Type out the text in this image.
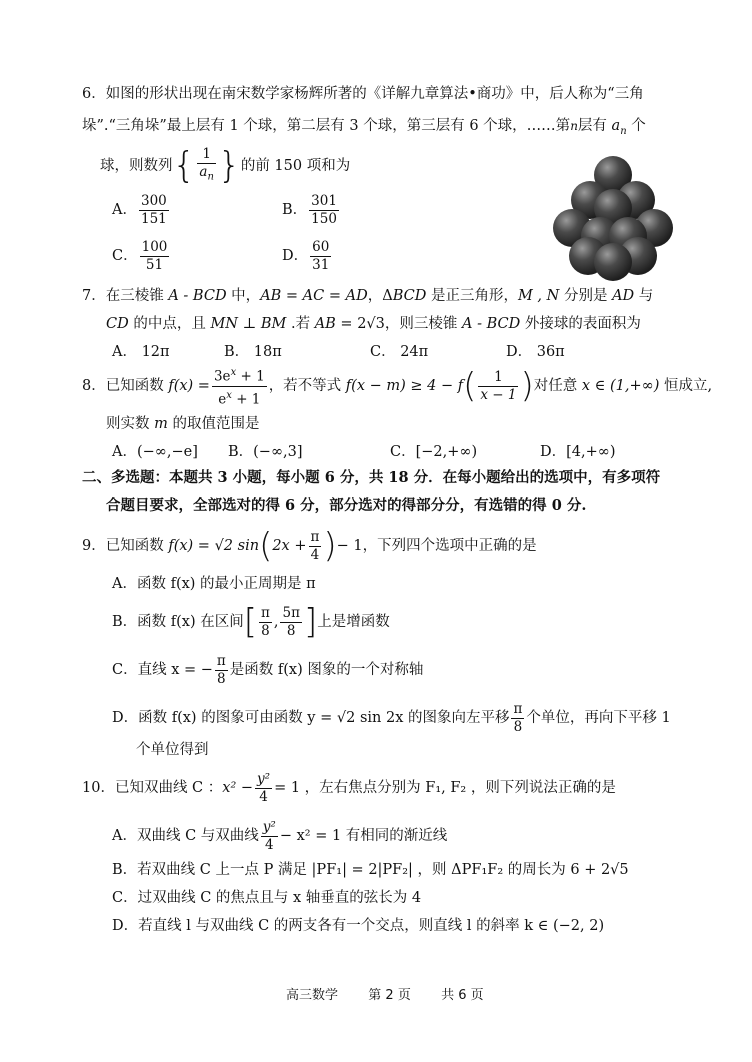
6．如图的形状出现在南宋数学家杨辉所著的《详解九章算法•商功》中，后人称为“三角
垛”.“三角垛”最上层有 1 个球，第二层有 3 个球，第三层有 6 个球，……第n层有 $a_n$ 个
球，则数列{ $\frac{1}{a_n}$ }的前 150 项和为
A． $\frac{300}{151}$	B． $\frac{301}{150}$
C． $\frac{100}{51}$	D． $\frac{60}{31}$
7．在三棱锥 A - BCD 中，AB = AC = AD，ΔBCD 是正三角形，M , N 分别是 AD 与
CD 的中点，且 MN ⊥ BM .若 AB = 2√3，则三棱锥 A - BCD 外接球的表面积为
A． 12π	B． 18π	C． 24π	D． 36π
8．已知函数 $f(x) = \frac{3e^x + 1}{e^x + 1}$ ，若不等式 $f(x - m) \ge 4 - f( \frac{1}{x - 1}$ )对任意 x ∈ (1,+∞) 恒成立,
则实数 m 的取值范围是
A．(−∞,−e] B．(−∞,3]	C．[−2,+∞)	D．[4,+∞)
二、多选题：本题共 3 小题，每小题 6 分，共 18 分．在每小题给出的选项中，有多项符
合题目要求，全部选对的得 6 分，部分选对的得部分分，有选错的得 0 分.
9．已知函数 f(x) = √2 $\sin(2x + \frac{\pi}{4}$ )− 1，下列四个选项中正确的是
A．函数 f(x) 的最小正周期是 π
B．函数 f(x) 在区间[ $\frac{\pi}{8}$ , $\frac{5\pi}{8}$ ]上是增函数
C．直线 x = − $\frac{\pi}{8}$ 是函数 f(x) 图象的一个对称轴
D．函数 f(x) 的图象可由函数 y = √2 sin 2x 的图象向左平移 $\frac{\pi}{8}$ 个单位，再向下平移 1
个单位得到
10．已知双曲线 C ：$x^2 - \frac{\text{y²}}{4} = 1$ ，左右焦点分别为 F₁, F₂ ，则下列说法正确的是
A．双曲线 C 与双曲线 $\frac{\text{y²}}{4} - x^2 = 1$ 有相同的渐近线
B．若双曲线 C 上一点 P 满足 |PF₁| = 2|PF₂| ，则 ΔPF₁F₂ 的周长为 6 + 2√5
C．过双曲线 C 的焦点且与 x 轴垂直的弦长为 4
D．若直线 l 与双曲线 C 的两支各有一个交点，则直线 l 的斜率 k ∈ (−2, 2)
高三数学 第 2 页 共 6 页
